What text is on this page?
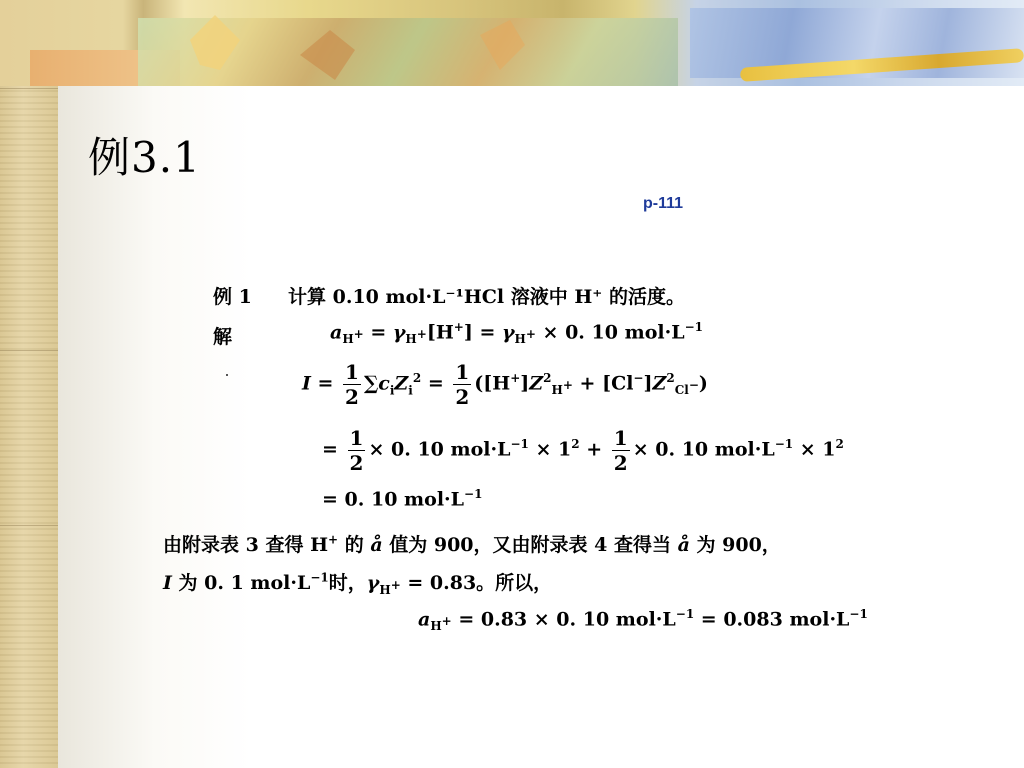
例3.1
p-111
例 1 计算 0.10 mol·L⁻¹HCl 溶液中 H⁺ 的活度。
解	$a_{H^+} = \gamma_{H^+}[H^+] = \gamma_{H^+} \times 0$. 10 $mol\cdot L^{-1}$
$I = \frac{1}{2} \sum c_iZ_i^2 = \frac{1}{2} ([H^+]Z^2_{H^+} + [Cl^-]Z^2_{Cl^-})$
= $\frac{1}{2} \times 0$. 10 $mol\cdot L^{-1} \times 1^2 + \frac{1}{2} \times 0$. 10 $mol\cdot L^{-1} \times 1^2$
= 0. 10 $mol\cdot L^{-1}$
由附录表 3 查得 H+ 的 å 值为 900，又由附录表 4 查得当 å 为 900，
I 为 0. 1 $mol\cdot L^{-1}$时，$\gamma_{H^+} = 0.83$。所以，
$a_{H^+} = 0.83 \times 0$. 10 $mol\cdot L^{-1} = 0.083$ $mol\cdot L^{-1}$
